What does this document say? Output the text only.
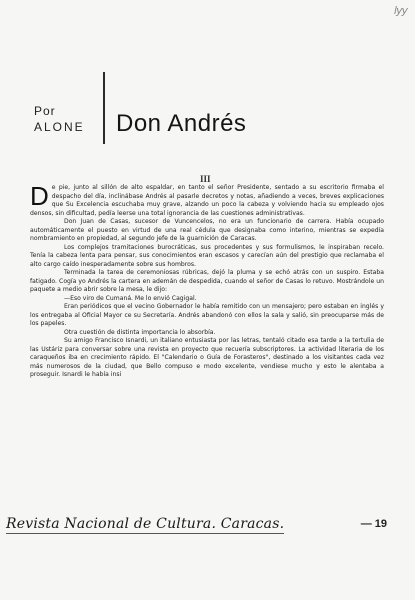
lyy
Por
ALONE Don Andrés
III

De pie, junto al sillón de alto espaldar, en tanto el señor Presidente, sentado a su escritorio firmaba el despacho del día, inclinábase Andrés al pasarle decretos y notas, añadiendo a veces, breves explicaciones que Su Excelencia escuchaba muy grave, alzando un poco la cabeza y volviendo hacia su empleado ojos densos, sin dificultad, pedía leerse una total ignorancia de las cuestiones administrativas.

Don Juan de Casas, sucesor de Vuncencelos, no era un funcionario de carrera. Había ocupado automáticamente el puesto en virtud de una real cédula que designaba como interino, mientras se expedía nombramiento en propiedad, al segundo jefe de la guarnición de Caracas.

Los complejos tramitaciones burocráticas, sus procedentes y sus formulismos, le inspiraban recelo. Tenía la cabeza lenta para pensar, sus conocimientos eran escasos y carecían aún del prestigio que reclamaba el alto cargo caído inesperadamente sobre sus hombros.

Terminada la tarea de ceremoniosas rúbricas, dejó la pluma y se echó atrás con un suspiro. Estaba fatigado. Cogía yo Andrés la cartera en ademán de despedida, cuando el señor de Casas lo retuvo. Mostrándole un paquete a medio abrir sobre la mesa, le dijo:

—Eso viro de Cumaná. Me lo envió Cagigal.

Eran periódicos que el vecino Gobernador le había remitido con un mensajero; pero estaban en inglés y los entregaba al Oficial Mayor ce su Secretaría. Andrés abandonó con ellos la sala y salió, sin preocuparse más de los papeles.

Otra cuestión de distinta importancia lo absorbía.

Su amigo Francisco Isnardi, un italiano entusiasta por las letras, tentaló citado esa tarde a la tertulia de las Ustáriz para conversar sobre una revista en proyecto que recuería subscriptores. La actividad literaria de los caraqueños iba en crecimiento rápido. El "Calendario o Guía de Forasteros", destinado a los visitantes cada vez más numerosos de la ciudad, que Bello compuso e modo excelente, vendiese mucho y esto le alentaba a proseguir. Isnardi le había insi

Revista Nacional de Cultura. Caracas.	— 19
